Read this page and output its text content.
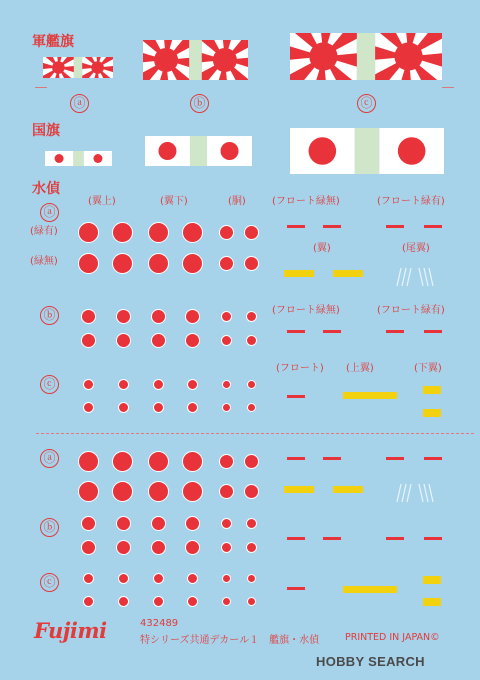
軍艦旗
国旗
水偵
ⓐ	ⓑ	ⓒ
ⓐ
(緑有)
(緑無)
(翼上)	(翼下)	(胴)	(フロート緑無)	(フロート緑有)
(翼)	(尾翼)
ⓑ	(フロート緑無)	(フロート緑有)
ⓒ
(フロート) (上翼)	(下翼)
ⓐ
ⓑ
ⓒ
Fujimi	432489
特シリーズ共通デカール１　艦旗・水偵	PRINTED IN JAPAN©
HOBBY SEARCH
